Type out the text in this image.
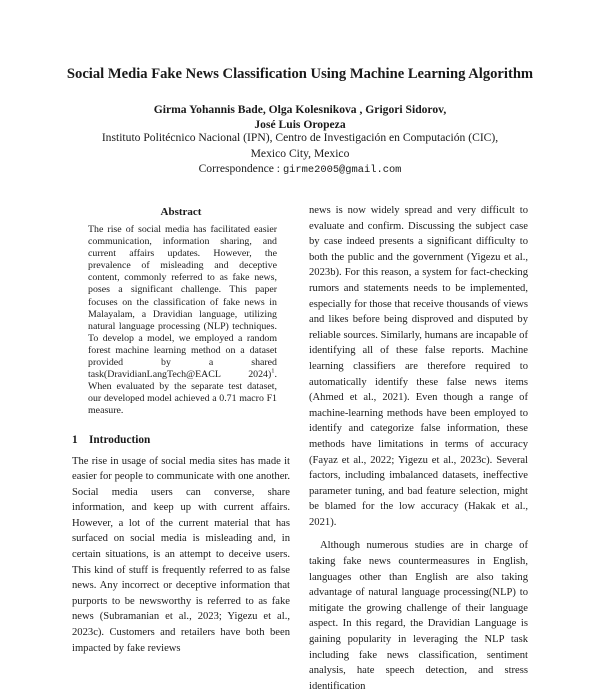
Social Media Fake News Classification Using Machine Learning Algorithm
Girma Yohannis Bade, Olga Kolesnikova , Grigori Sidorov,
José Luis Oropeza
Instituto Politécnico Nacional (IPN), Centro de Investigación en Computación (CIC),
Mexico City, Mexico
Correspondence : girme2005@gmail.com
Abstract

The rise of social media has facilitated easier communication, information sharing, and current affairs updates. However, the prevalence of misleading and deceptive content, commonly referred to as fake news, poses a significant challenge. This paper focuses on the classification of fake news in Malayalam, a Dravidian language, utilizing natural language processing (NLP) techniques. To develop a model, we employed a random forest machine learning method on a dataset provided by a shared task(DravidianLangTech@EACL 2024)$^1$. When evaluated by the separate test dataset, our developed model achieved a 0.71 macro F1 measure.

1 Introduction

The rise in usage of social media sites has made it easier for people to communicate with one another. Social media users can converse, share information, and keep up with current affairs. However, a lot of the current material that has surfaced on social media is misleading and, in certain situations, is an attempt to deceive users. This kind of stuff is frequently referred to as false news. Any incorrect or deceptive information that purports to be newsworthy is referred to as fake news (Subramanian et al., 2023; Yigezu et al., 2023c). Customers and retailers have both been impacted by fake reviews

news is now widely spread and very difficult to evaluate and confirm. Discussing the subject case by case indeed presents a significant difficulty to both the public and the government (Yigezu et al., 2023b). For this reason, a system for fact-checking rumors and statements needs to be implemented, especially for those that receive thousands of views and likes before being disproved and disputed by reliable sources. Similarly, humans are incapable of identifying all of these false reports. Machine learning classifiers are therefore required to automatically identify these false news items (Ahmed et al., 2021). Even though a range of machine-learning methods have been employed to identify and categorize false information, these methods have limitations in terms of accuracy (Fayaz et al., 2022; Yigezu et al., 2023c). Several factors, including imbalanced datasets, ineffective parameter tuning, and bad feature selection, might be blamed for the low accuracy (Hakak et al., 2021).

Although numerous studies are in charge of taking fake news countermeasures in English, languages other than English are also taking advantage of natural language processing(NLP) to mitigate the growing challenge of their language aspect. In this regard, the Dravidian Language is gaining popularity in leveraging the NLP task including fake news classification, sentiment analysis, hate speech detection, and stress identification
